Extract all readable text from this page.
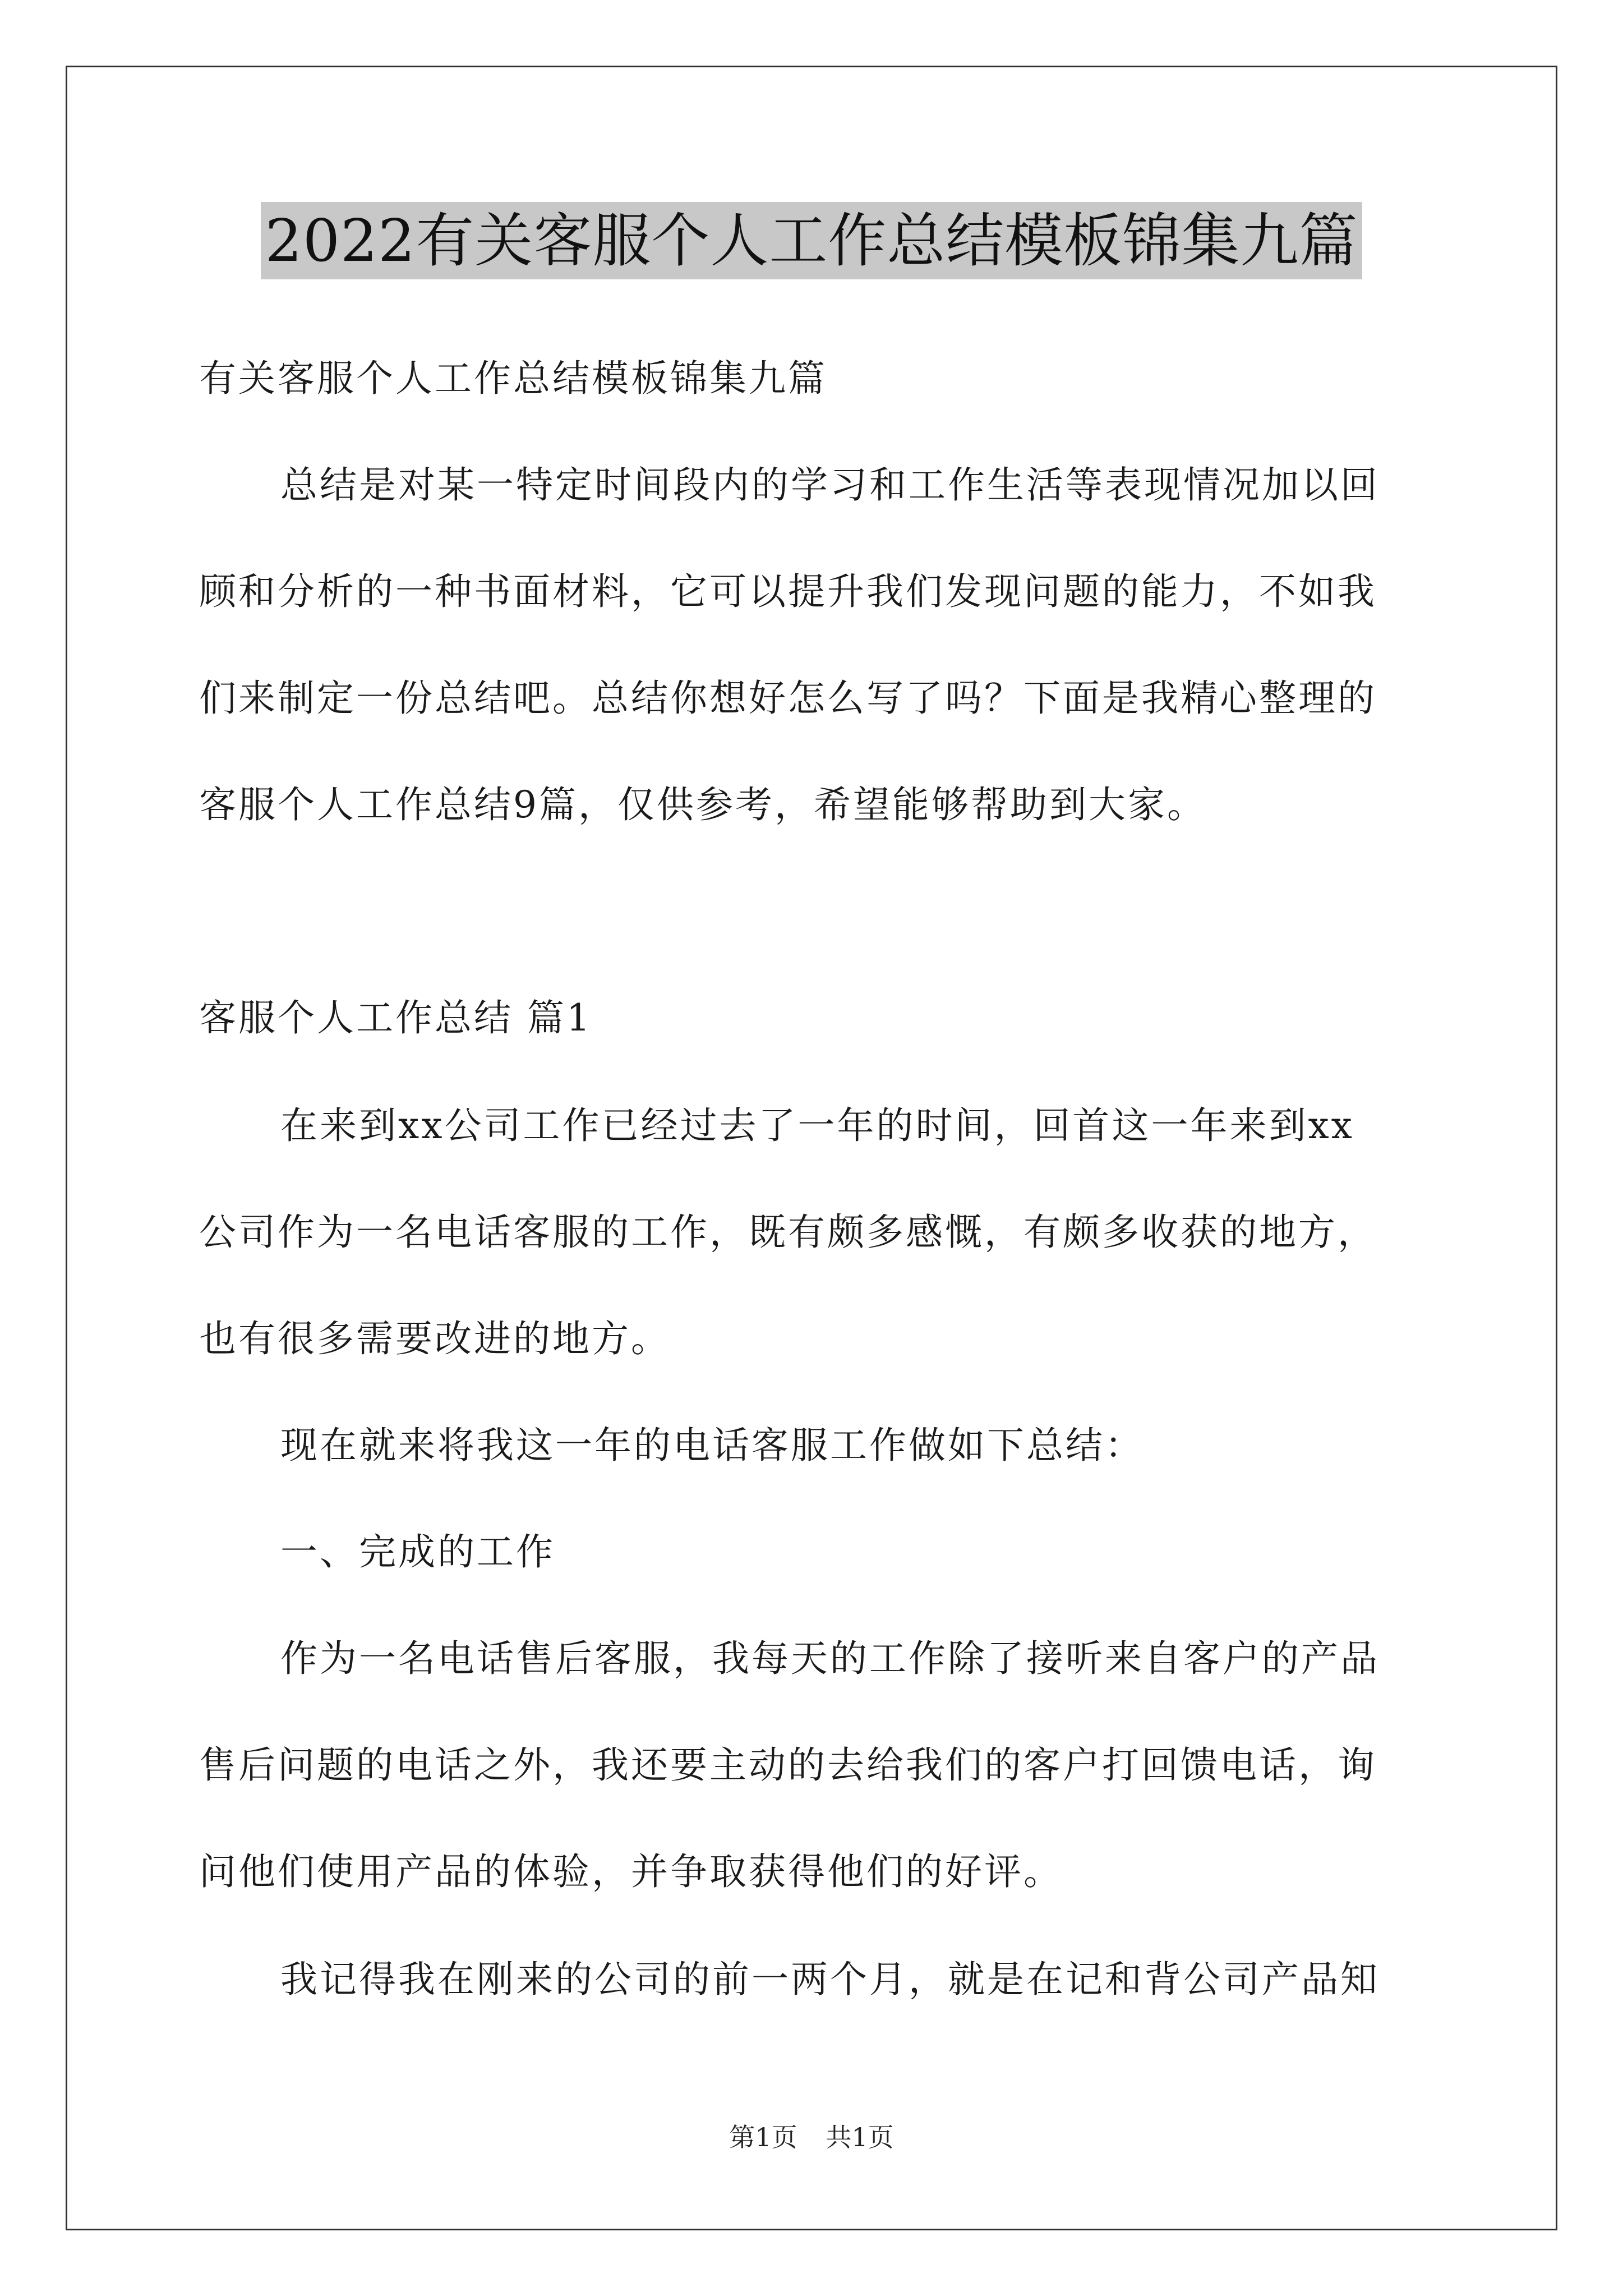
2022有关客服个人工作总结模板锦集九篇
有关客服个人工作总结模板锦集九篇
总结是对某一特定时间段内的学习和工作生活等表现情况加以回
顾和分析的一种书面材料，它可以提升我们发现问题的能力，不如我
们来制定一份总结吧。总结你想好怎么写了吗？下面是我精心整理的
客服个人工作总结9篇，仅供参考，希望能够帮助到大家。
客服个人工作总结 篇1
在来到xx公司工作已经过去了一年的时间，回首这一年来到xx
公司作为一名电话客服的工作，既有颇多感慨，有颇多收获的地方，
也有很多需要改进的地方。
现在就来将我这一年的电话客服工作做如下总结：
一、完成的工作
作为一名电话售后客服，我每天的工作除了接听来自客户的产品
售后问题的电话之外，我还要主动的去给我们的客户打回馈电话，询
问他们使用产品的体验，并争取获得他们的好评。
我记得我在刚来的公司的前一两个月，就是在记和背公司产品知
第1页 共1页
